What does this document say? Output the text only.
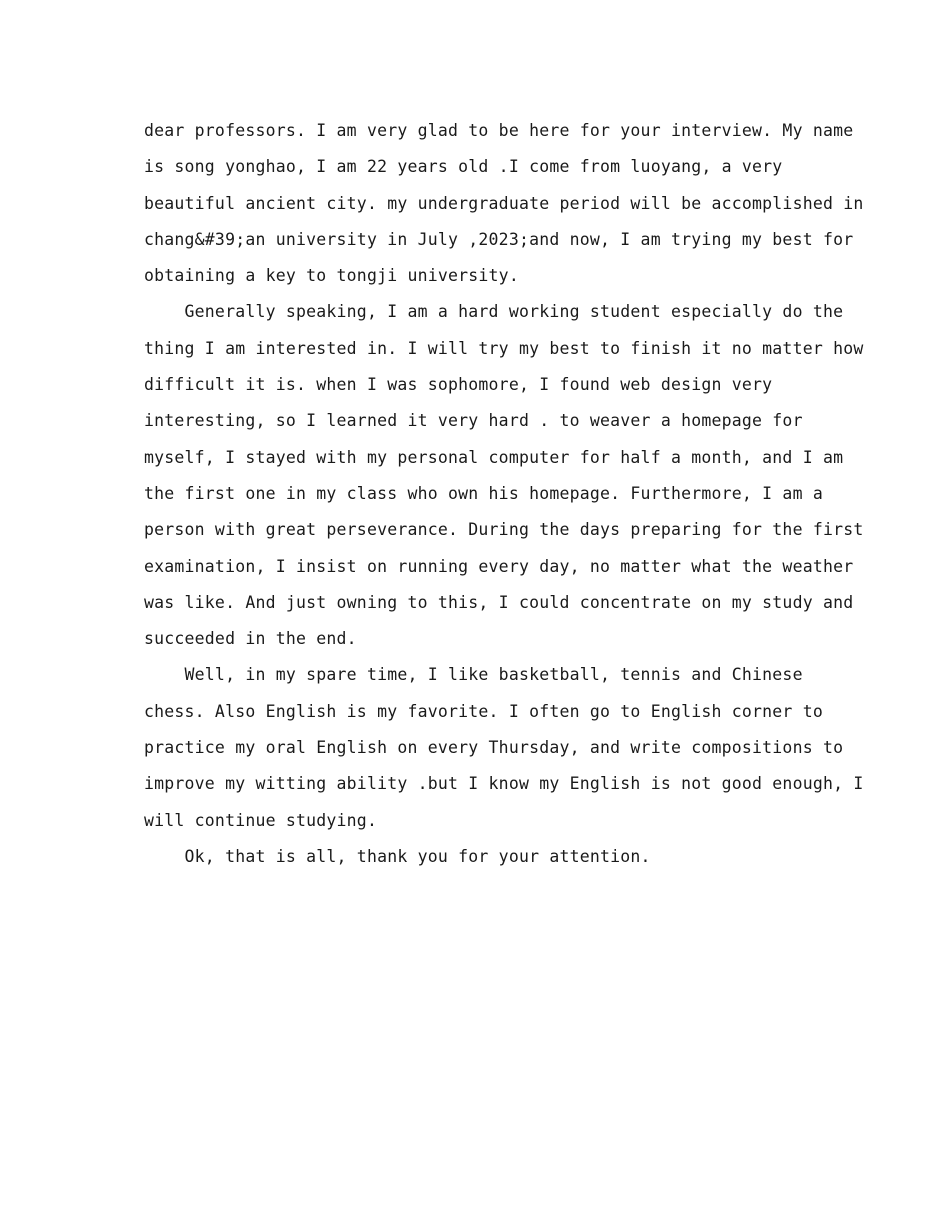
dear professors. I am very glad to be here for your interview. My name
is song yonghao, I am 22 years old .I come from luoyang, a very
beautiful ancient city. my undergraduate period will be accomplished in
chang&#39;an university in July ,2023;and now, I am trying my best for
obtaining a key to tongji university.
Generally speaking, I am a hard working student especially do the
thing I am interested in. I will try my best to finish it no matter how
difficult it is. when I was sophomore, I found web design very
interesting, so I learned it very hard . to weaver a homepage for
myself, I stayed with my personal computer for half a month, and I am
the first one in my class who own his homepage. Furthermore, I am a
person with great perseverance. During the days preparing for the first
examination, I insist on running every day, no matter what the weather
was like. And just owning to this, I could concentrate on my study and
succeeded in the end.
Well, in my spare time, I like basketball, tennis and Chinese
chess. Also English is my favorite. I often go to English corner to
practice my oral English on every Thursday, and write compositions to
improve my witting ability .but I know my English is not good enough, I
will continue studying.
Ok, that is all, thank you for your attention.
